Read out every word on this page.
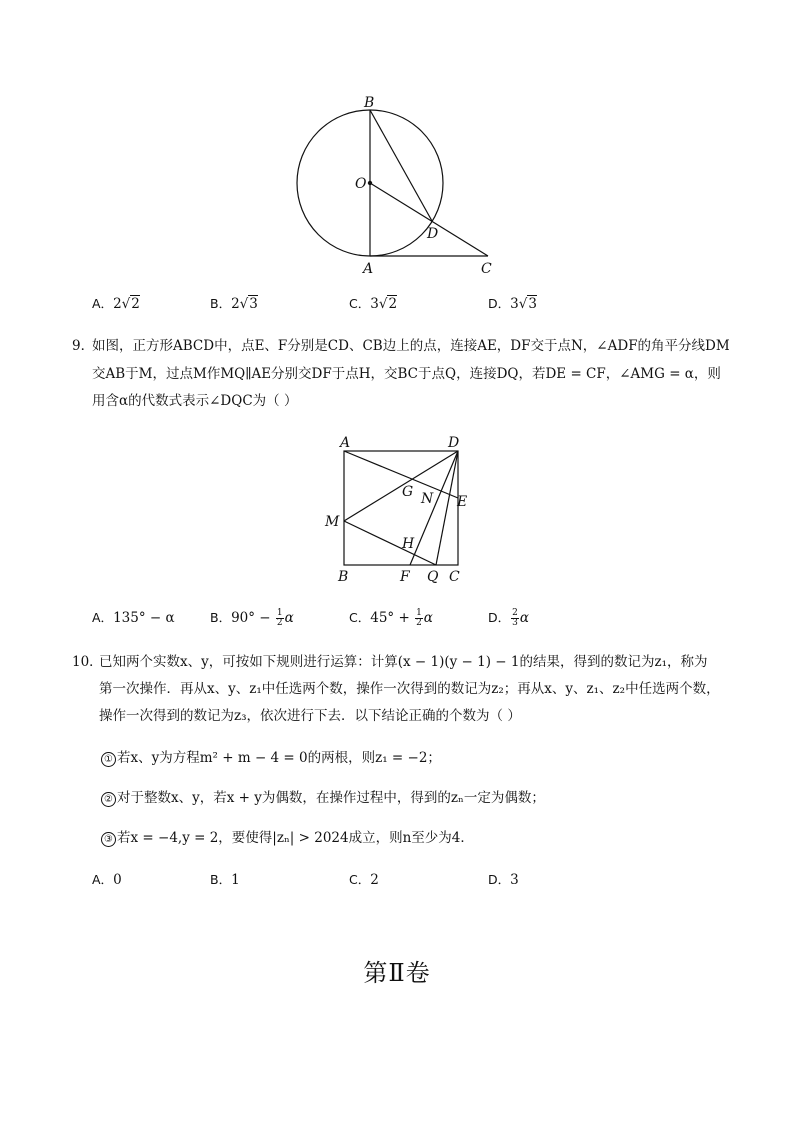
B
O
D
A	C
A．2√2	B．2√3	C．3√2	D．3√3
9．
如图，正方形ABCD中，点E、F分别是CD、CB边上的点，连接AE，DF交于点N，∠ADF的角平分线DM
交AB于M，过点M作MQ∥AE分别交DF于点H，交BC于点Q，连接DQ，若DE = CF，∠AMG = α，则
用含α的代数式表示∠DQC为（ ）
A	D
G N E
M
H
B	F Q C
A．135° − α	B．$90^\circ - \frac{1}{2}$ α	C．$45^\circ + \frac{1}{2}$ α	D． $\frac{2}{3}$ α
10．
已知两个实数x、y，可按如下规则进行运算：计算(x − 1)(y − 1) − 1的结果，得到的数记为z₁，称为
第一次操作．再从x、y、z₁中任选两个数，操作一次得到的数记为z₂；再从x、y、z₁、z₂中任选两个数，
操作一次得到的数记为z₃，依次进行下去．以下结论正确的个数为（ ）
① 若x、y为方程m² + m − 4 = 0的两根，则z₁ = −2；
② 对于整数x、y，若x + y为偶数，在操作过程中，得到的zₙ一定为偶数；
③ 若x = −4,y = 2，要使得|zₙ| > 2024成立，则n至少为4．
A．0	B．1	C．2	D．3
第Ⅱ卷
